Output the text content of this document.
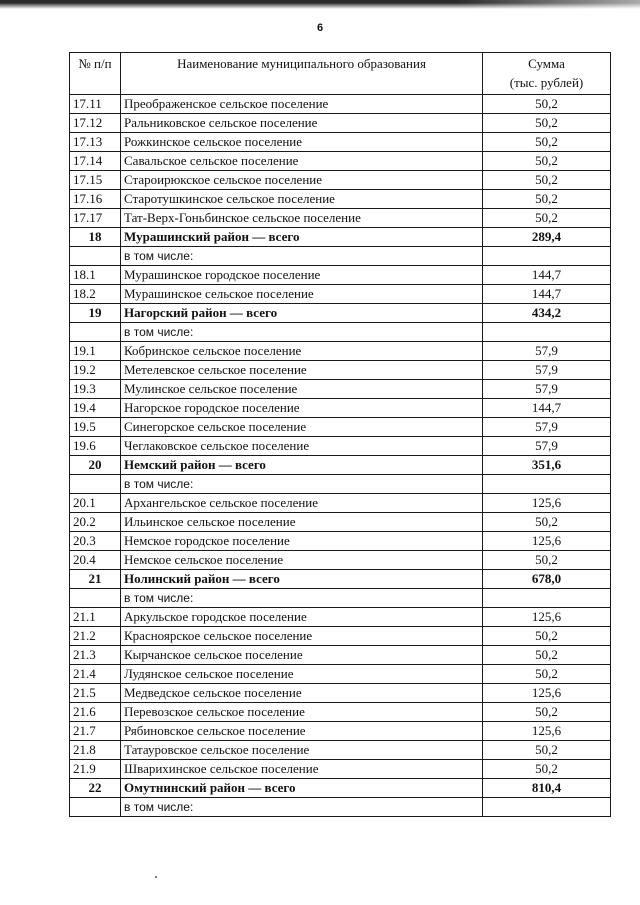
6
№ п/п	Наименование муниципального образования	Сумма
(тыс. рублей)

17.11	Преображенское сельское поселение	50,2
17.12	Ральниковское сельское поселение	50,2
17.13	Рожкинское сельское поселение	50,2
17.14	Савальское сельское поселение	50,2
17.15	Староирюкское сельское поселение	50,2
17.16	Старотушкинское сельское поселение	50,2
17.17	Тат-Верх-Гоньбинское сельское поселение	50,2
18	Мурашинский район — всего	289,4
	в том числе:	
18.1	Мурашинское городское поселение	144,7
18.2	Мурашинское сельское поселение	144,7
19	Нагорский район — всего	434,2
	в том числе:	
19.1	Кобринское сельское поселение	57,9
19.2	Метелевское сельское поселение	57,9
19.3	Мулинское сельское поселение	57,9
19.4	Нагорское городское поселение	144,7
19.5	Синегорское сельское поселение	57,9
19.6	Чеглаковское сельское поселение	57,9
20	Немский район — всего	351,6
	в том числе:	
20.1	Архангельское сельское поселение	125,6
20.2	Ильинское сельское поселение	50,2
20.3	Немское городское поселение	125,6
20.4	Немское сельское поселение	50,2
21	Нолинский район — всего	678,0
	в том числе:	
21.1	Аркульское городское поселение	125,6
21.2	Красноярское сельское поселение	50,2
21.3	Кырчанское сельское поселение	50,2
21.4	Лудянское сельское поселение	50,2
21.5	Медведское сельское поселение	125,6
21.6	Перевозское сельское поселение	50,2
21.7	Рябиновское сельское поселение	125,6
21.8	Татауровское сельское поселение	50,2
21.9	Шварихинское сельское поселение	50,2
22	Омутнинский район — всего	810,4
	в том числе:	
